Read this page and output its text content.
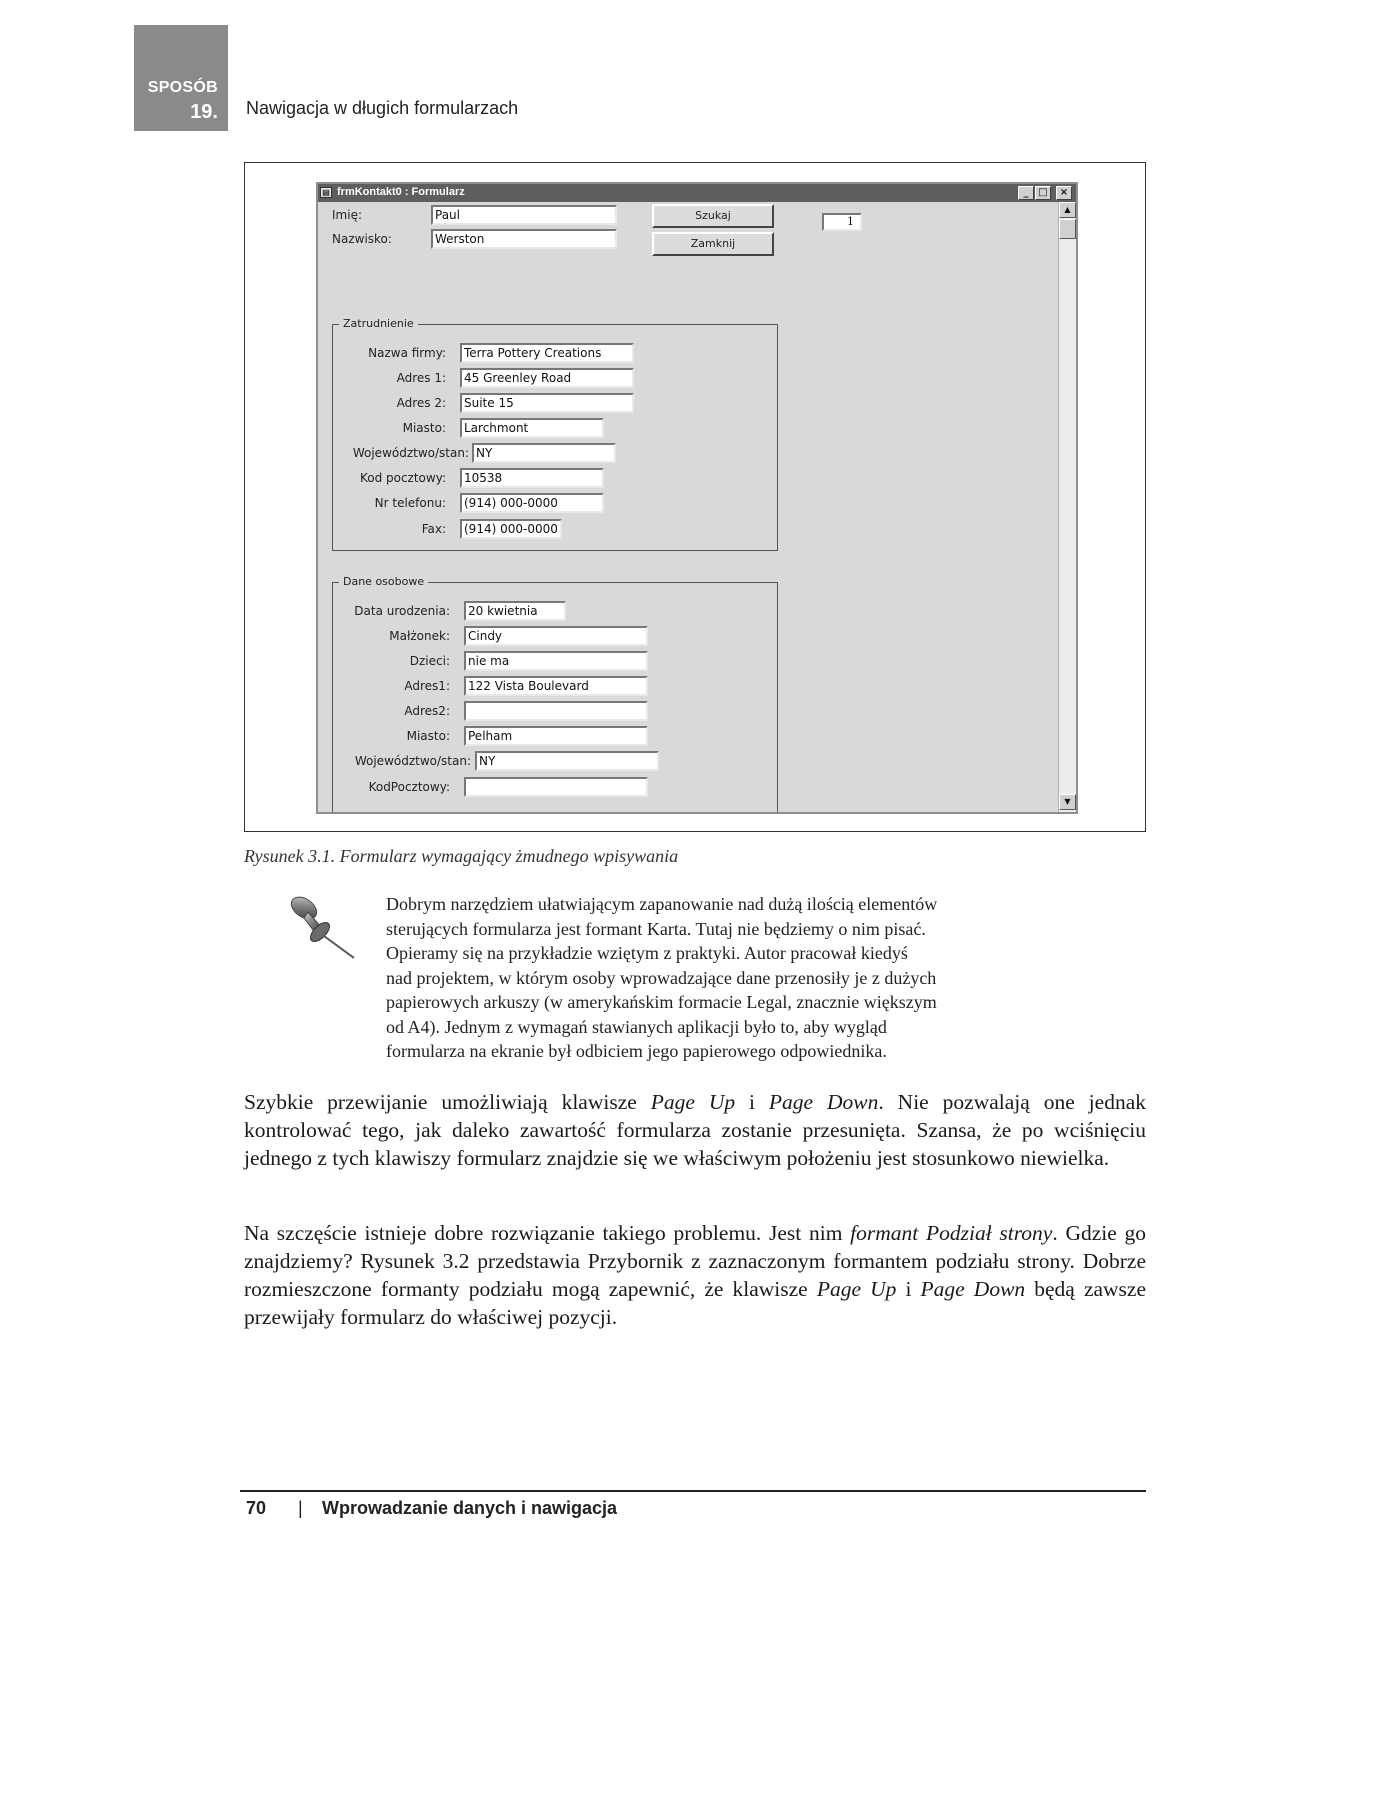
SPOSÓB
19. Nawigacja w długich formularzach
▤ frmKontakt0 : Formularz	_ □	×
Imię:	Paul
Nazwisko:	Werston
Szukaj
Zamknij
1
Zatrudnienie
Nazwa firmy:	Terra Pottery Creations
Adres 1:	45 Greenley Road
Adres 2:	Suite 15
Miasto:	Larchmont
Województwo/stan: NY
Kod pocztowy:	10538
Nr telefonu:	(914) 000-0000
Fax:	(914) 000-0000
Dane osobowe
Data urodzenia:	20 kwietnia
Małżonek:	Cindy
Dzieci:	nie ma
Adres1:	122 Vista Boulevard
Adres2:
Miasto:	Pelham
Województwo/stan: NY
KodPocztowy:
▲
▼
Rysunek 3.1. Formularz wymagający żmudnego wpisywania
Dobrym narzędziem ułatwiającym zapanowanie nad dużą ilością elementów
sterujących formularza jest formant Karta. Tutaj nie będziemy o nim pisać.
Opieramy się na przykładzie wziętym z praktyki. Autor pracował kiedyś
nad projektem, w którym osoby wprowadzające dane przenosiły je z dużych
papierowych arkuszy (w amerykańskim formacie Legal, znacznie większym
od A4). Jednym z wymagań stawianych aplikacji było to, aby wygląd
formularza na ekranie był odbiciem jego papierowego odpowiednika.
Szybkie przewijanie umożliwiają klawisze Page Up i Page Down. Nie pozwalają one jednak kontrolować tego, jak daleko zawartość formularza zostanie przesunięta. Szansa, że po wciśnięciu jednego z tych klawiszy formularz znajdzie się we właściwym położeniu jest stosunkowo niewielka.
Na szczęście istnieje dobre rozwiązanie takiego problemu. Jest nim formant Podział strony. Gdzie go znajdziemy? Rysunek 3.2 przedstawia Przybornik z zaznaczonym formantem podziału strony. Dobrze rozmieszczone formanty podziału mogą zapewnić, że klawisze Page Up i Page Down będą zawsze przewijały formularz do właściwej pozycji.
70 | Wprowadzanie danych i nawigacja
